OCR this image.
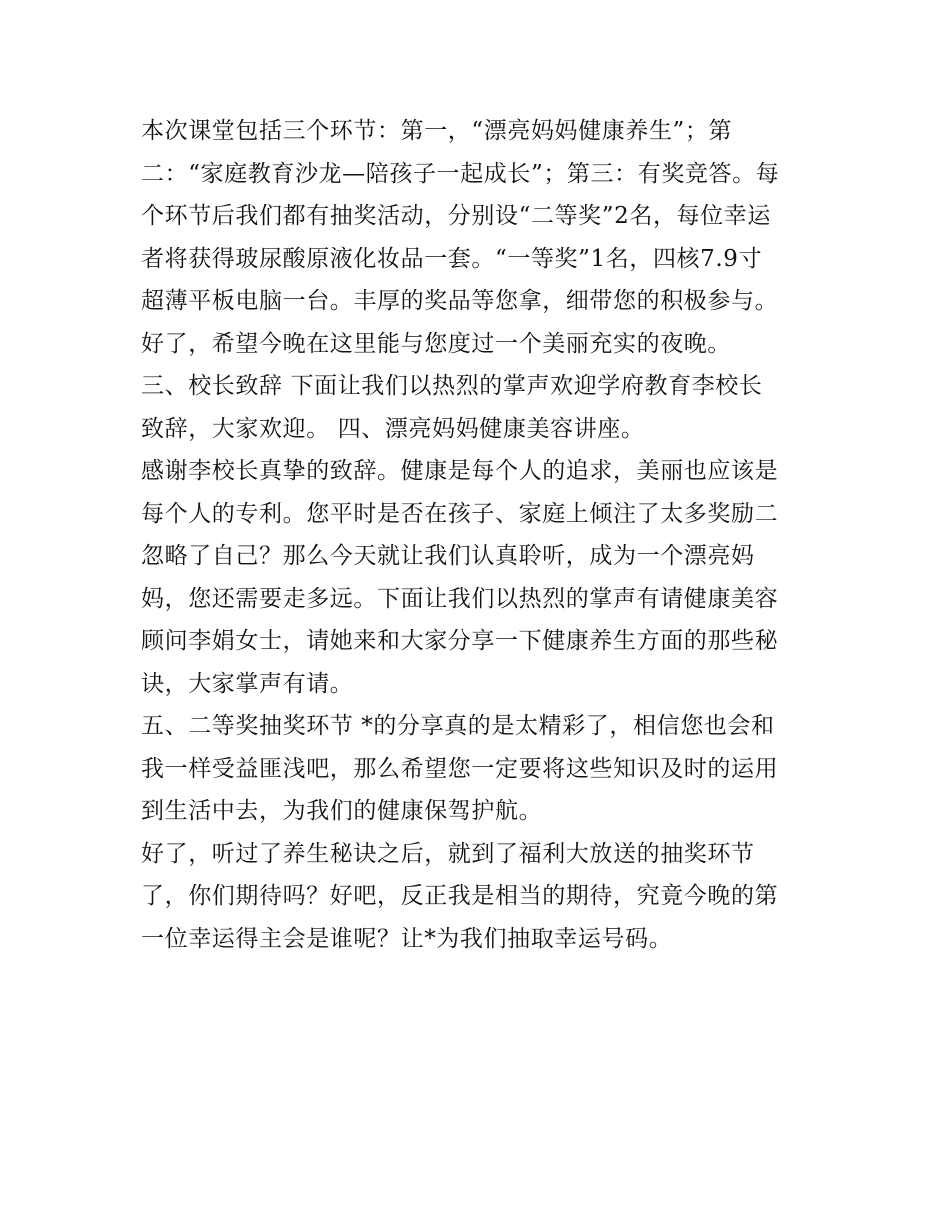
本次课堂包括三个环节：第一，“漂亮妈妈健康养生”；第
二：“家庭教育沙龙—陪孩子一起成长”；第三：有奖竞答。每
个环节后我们都有抽奖活动，分别设“二等奖”2名，每位幸运
者将获得玻尿酸原液化妆品一套。“一等奖”1名，四核7.9寸
超薄平板电脑一台。丰厚的奖品等您拿，细带您的积极参与。
好了，希望今晚在这里能与您度过一个美丽充实的夜晚。
三、校长致辞 下面让我们以热烈的掌声欢迎学府教育李校长
致辞，大家欢迎。 四、漂亮妈妈健康美容讲座。
感谢李校长真挚的致辞。健康是每个人的追求，美丽也应该是
每个人的专利。您平时是否在孩子、家庭上倾注了太多奖励二
忽略了自己？那么今天就让我们认真聆听，成为一个漂亮妈
妈，您还需要走多远。下面让我们以热烈的掌声有请健康美容
顾问李娟女士，请她来和大家分享一下健康养生方面的那些秘
诀，大家掌声有请。
五、二等奖抽奖环节 *的分享真的是太精彩了，相信您也会和
我一样受益匪浅吧，那么希望您一定要将这些知识及时的运用
到生活中去，为我们的健康保驾护航。
好了，听过了养生秘诀之后，就到了福利大放送的抽奖环节
了，你们期待吗？好吧，反正我是相当的期待，究竟今晚的第
一位幸运得主会是谁呢？让*为我们抽取幸运号码。
